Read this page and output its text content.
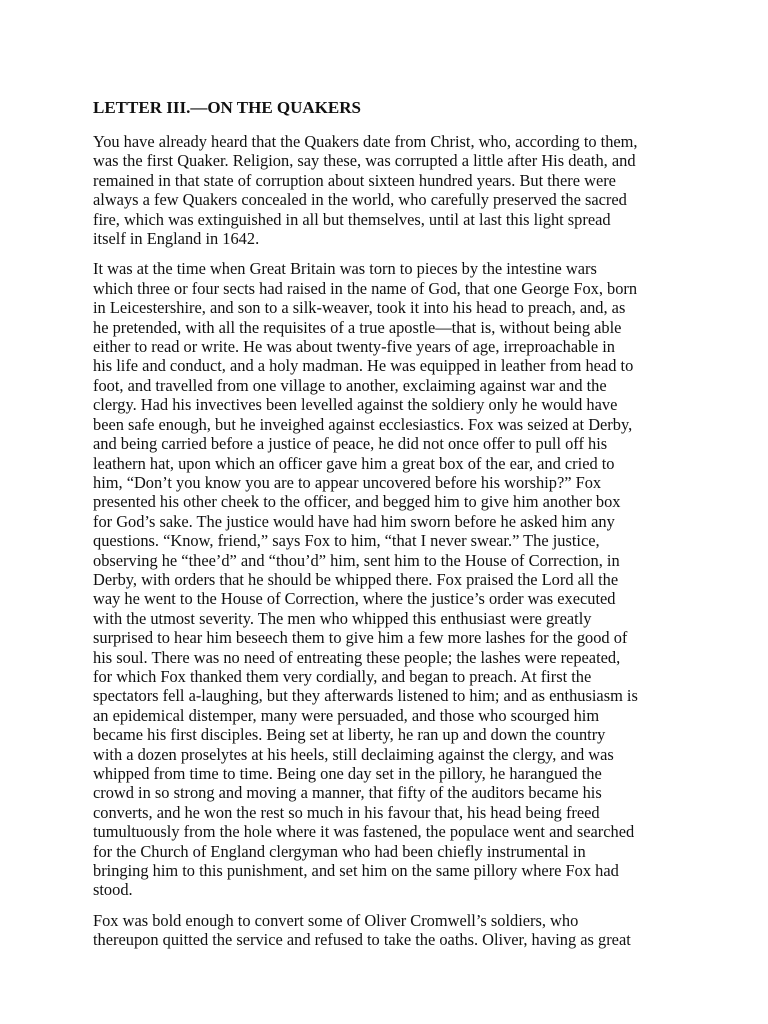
LETTER III.—ON THE QUAKERS

You have already heard that the Quakers date from Christ, who, according to them,
was the first Quaker. Religion, say these, was corrupted a little after His death, and
remained in that state of corruption about sixteen hundred years. But there were
always a few Quakers concealed in the world, who carefully preserved the sacred
fire, which was extinguished in all but themselves, until at last this light spread
itself in England in 1642.

It was at the time when Great Britain was torn to pieces by the intestine wars
which three or four sects had raised in the name of God, that one George Fox, born
in Leicestershire, and son to a silk-weaver, took it into his head to preach, and, as
he pretended, with all the requisites of a true apostle—that is, without being able
either to read or write. He was about twenty-five years of age, irreproachable in
his life and conduct, and a holy madman. He was equipped in leather from head to
foot, and travelled from one village to another, exclaiming against war and the
clergy. Had his invectives been levelled against the soldiery only he would have
been safe enough, but he inveighed against ecclesiastics. Fox was seized at Derby,
and being carried before a justice of peace, he did not once offer to pull off his
leathern hat, upon which an officer gave him a great box of the ear, and cried to
him, “Don’t you know you are to appear uncovered before his worship?” Fox
presented his other cheek to the officer, and begged him to give him another box
for God’s sake. The justice would have had him sworn before he asked him any
questions. “Know, friend,” says Fox to him, “that I never swear.” The justice,
observing he “thee’d” and “thou’d” him, sent him to the House of Correction, in
Derby, with orders that he should be whipped there. Fox praised the Lord all the
way he went to the House of Correction, where the justice’s order was executed
with the utmost severity. The men who whipped this enthusiast were greatly
surprised to hear him beseech them to give him a few more lashes for the good of
his soul. There was no need of entreating these people; the lashes were repeated,
for which Fox thanked them very cordially, and began to preach. At first the
spectators fell a-laughing, but they afterwards listened to him; and as enthusiasm is
an epidemical distemper, many were persuaded, and those who scourged him
became his first disciples. Being set at liberty, he ran up and down the country
with a dozen proselytes at his heels, still declaiming against the clergy, and was
whipped from time to time. Being one day set in the pillory, he harangued the
crowd in so strong and moving a manner, that fifty of the auditors became his
converts, and he won the rest so much in his favour that, his head being freed
tumultuously from the hole where it was fastened, the populace went and searched
for the Church of England clergyman who had been chiefly instrumental in
bringing him to this punishment, and set him on the same pillory where Fox had
stood.

Fox was bold enough to convert some of Oliver Cromwell’s soldiers, who
thereupon quitted the service and refused to take the oaths. Oliver, having as great
